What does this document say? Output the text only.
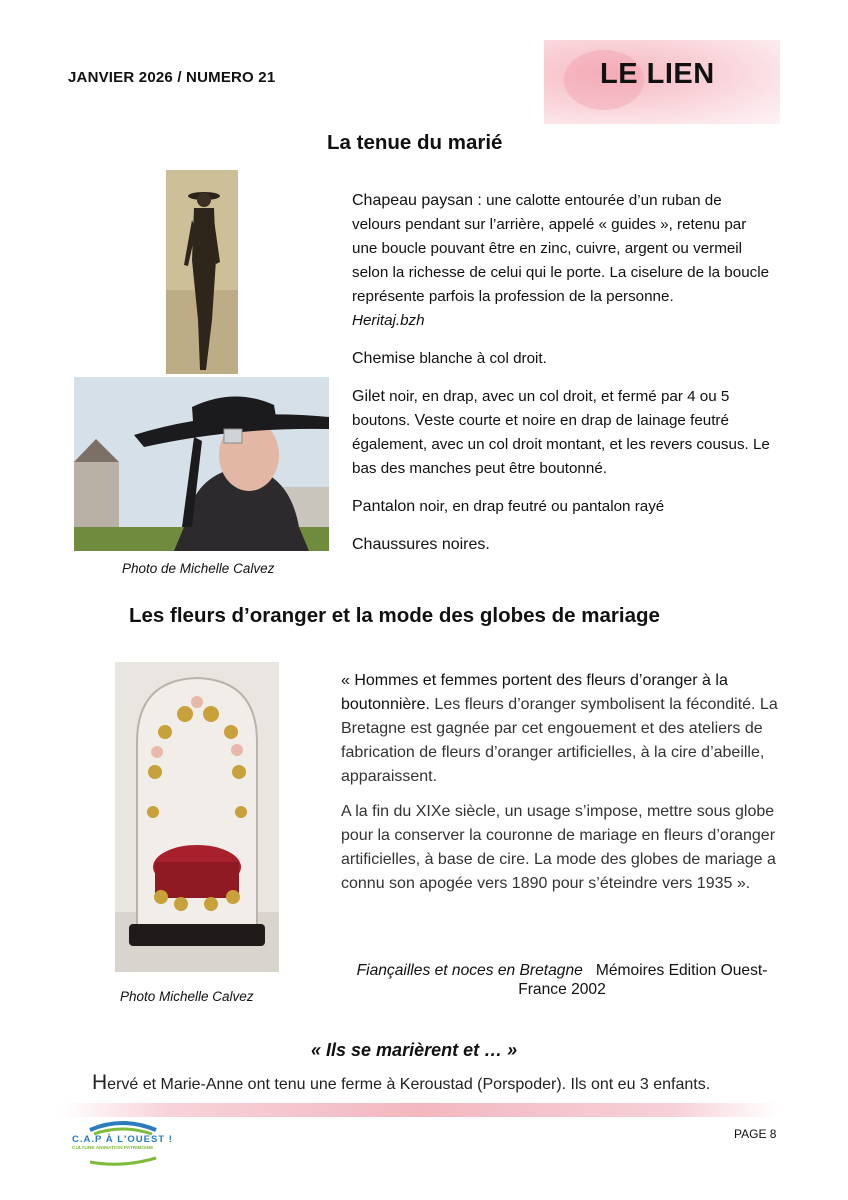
JANVIER 2026 / NUMERO 21	LE LIEN
La tenue du marié

Chapeau paysan : une calotte entourée d’un ruban de velours pendant sur l’arrière, appelé « guides », retenu par une boucle pouvant être en zinc, cuivre, argent ou vermeil selon la richesse de celui qui le porte. La ciselure de la boucle représente parfois la profession de la personne.

Heritaj.bzh

Chemise blanche à col droit.

Gilet noir, en drap, avec un col droit, et fermé par 4 ou 5 boutons. Veste courte et noire en drap de lainage feutré également, avec un col droit montant, et les revers cousus. Le bas des manches peut être boutonné.

Pantalon noir, en drap feutré ou pantalon rayé

Chaussures noires.

Photo de Michelle Calvez
Les fleurs d’oranger et la mode des globes de mariage

« Hommes et femmes portent des fleurs d’oranger à la boutonnière. Les fleurs d’oranger symbolisent la fécondité. La Bretagne est gagnée par cet engouement et des ateliers de fabrication de fleurs d’oranger artificielles, à la cire d’abeille, apparaissent.

A la fin du XIXe siècle, un usage s’impose, mettre sous globe pour la conserver la couronne de mariage en fleurs d’oranger artificielles, à base de cire. La mode des globes de mariage a connu son apogée vers 1890 pour s’éteindre vers 1935 ».

Fiançailles et noces en Bretagne Mémoires Edition Ouest-France 2002
Photo Michelle Calvez
« Ils se marièrent et … »
Hervé et Marie-Anne ont tenu une ferme à Keroustad (Porspoder). Ils ont eu 3 enfants.
C.A.P À L'OUEST !
CULTURE ANIMATION PATRIMOINE
PAGE 8
